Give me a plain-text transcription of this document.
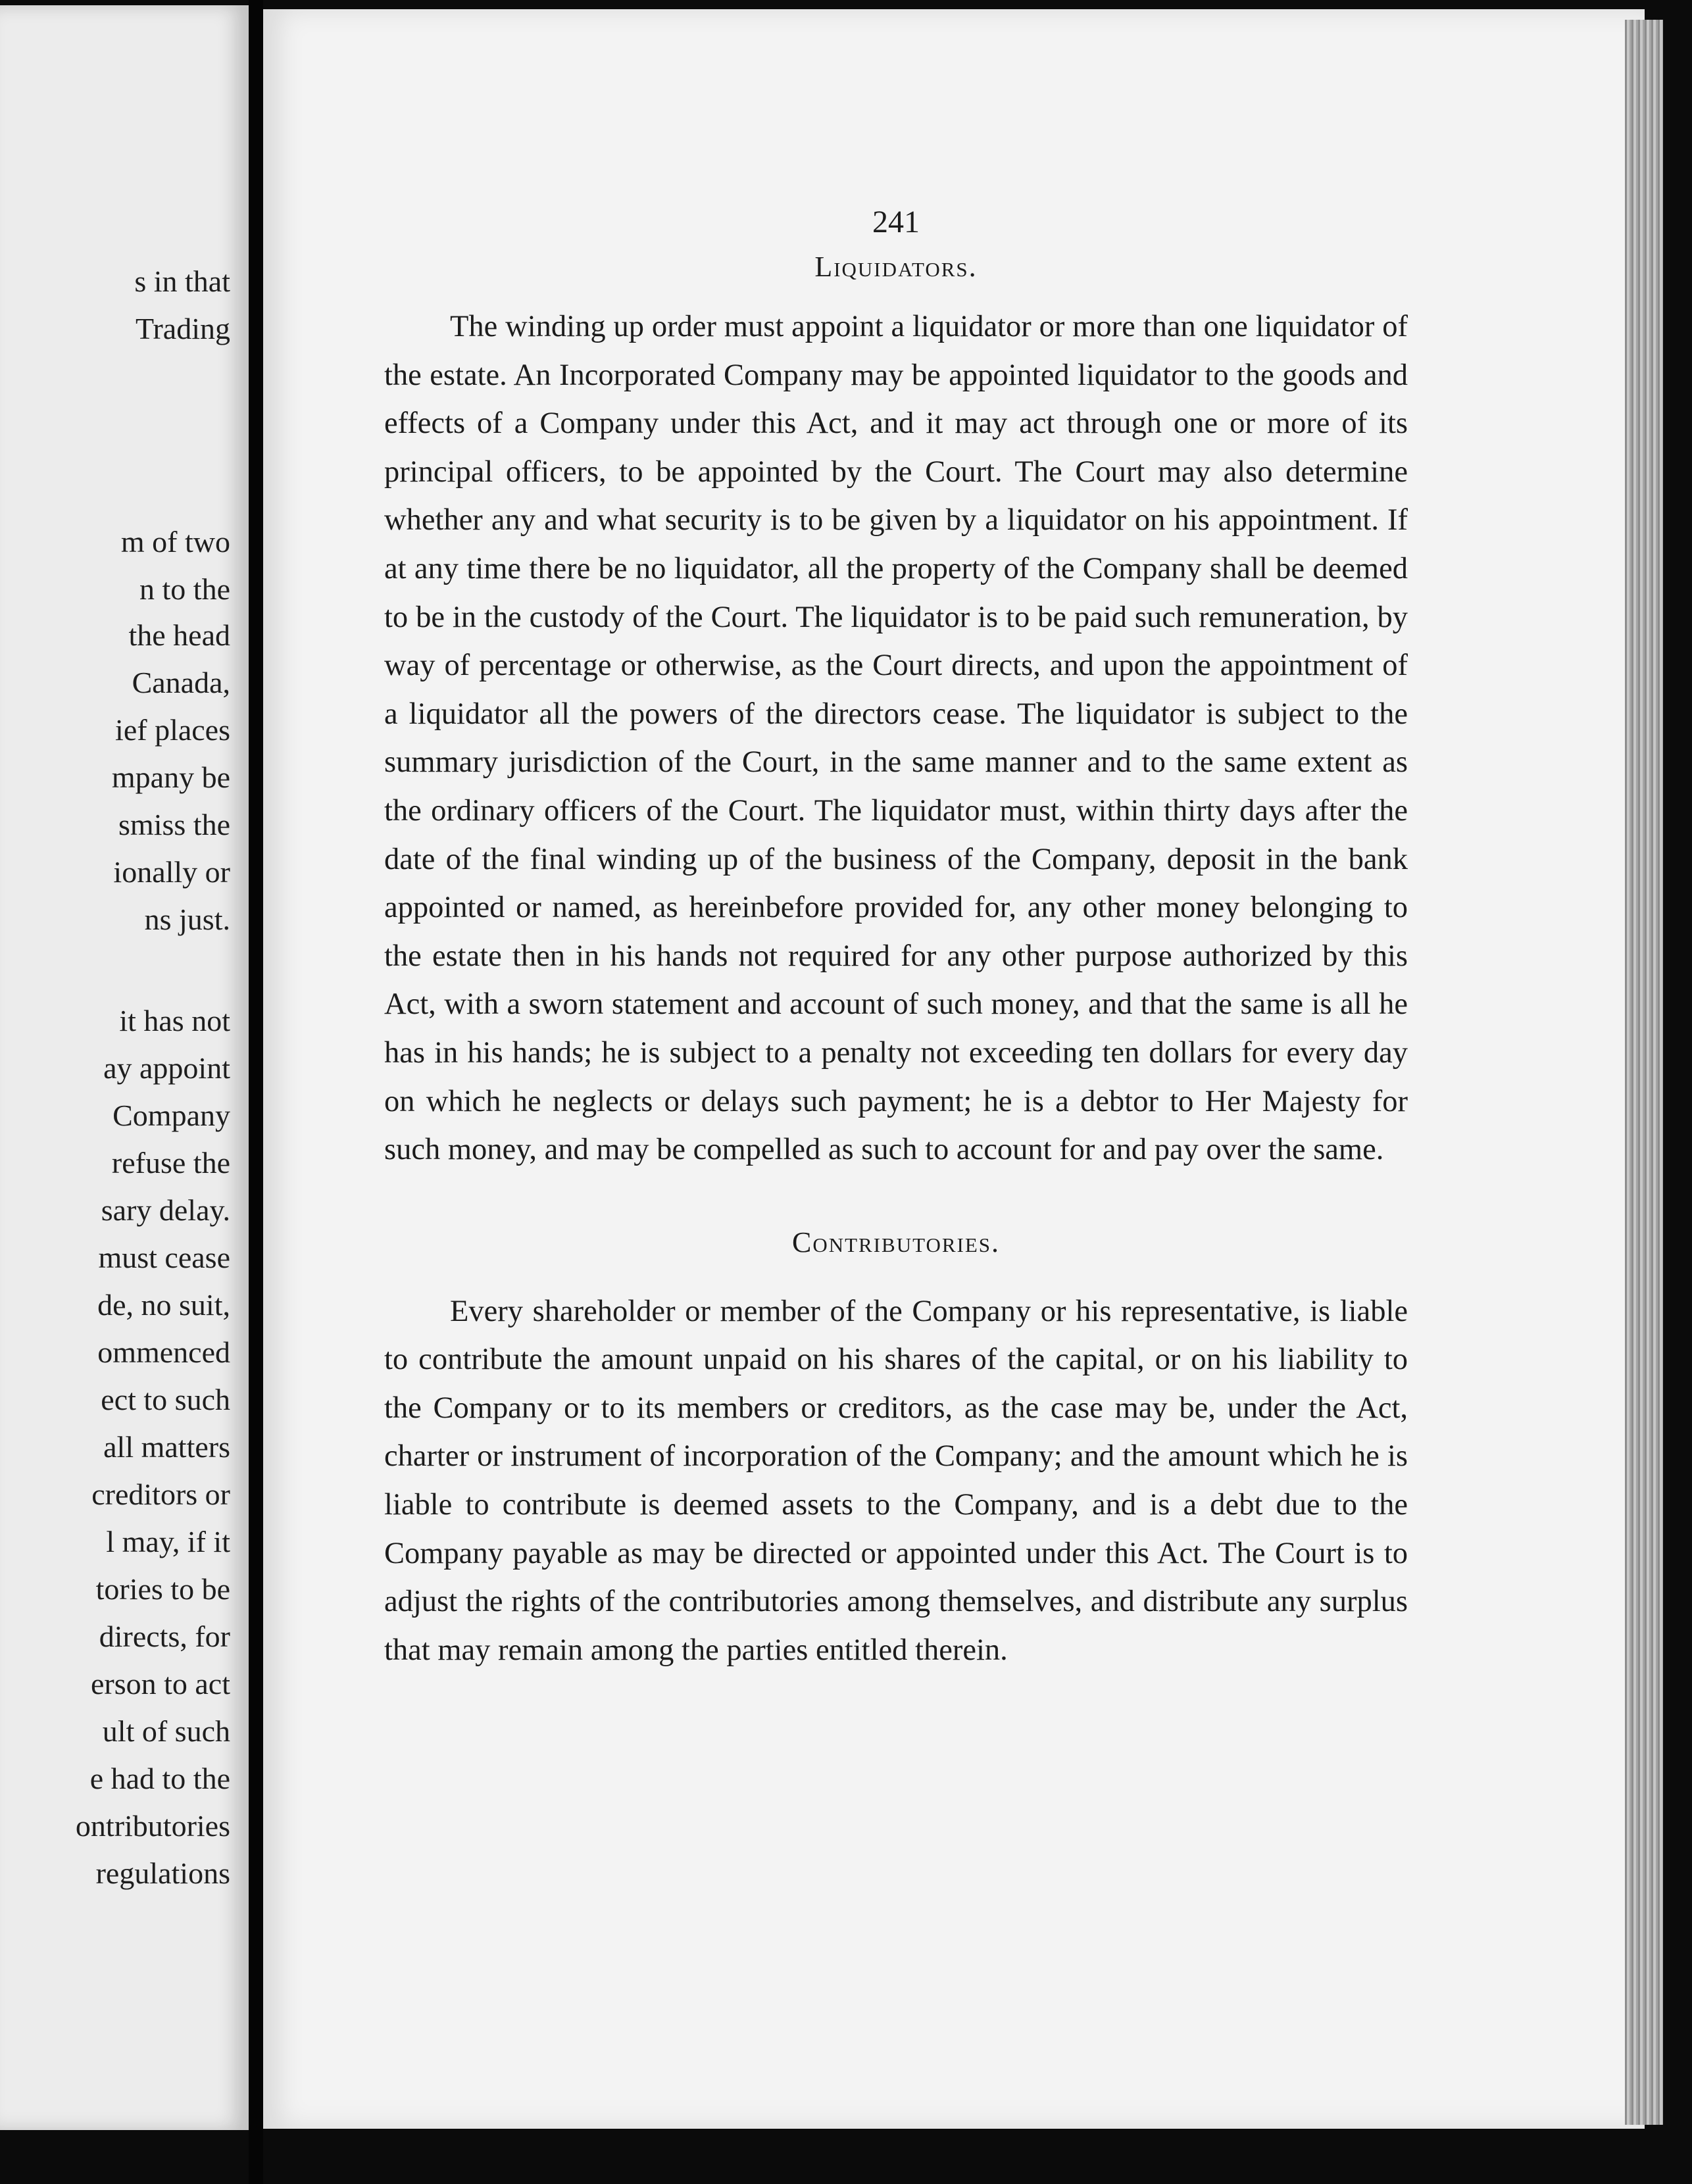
s in that
Trading
m of two
n to the
the head
Canada,
ief places
mpany be
smiss the
ionally or
ns just.
it has not
ay appoint
Company
refuse the
sary delay.
must cease
de, no suit,
ommenced
ect to such
all matters
creditors or
l may, if it
tories to be
directs, for
erson to act
ult of such
e had to the
ontributories
regulations
241
Liquidators.

The winding up order must appoint a liquidator or more than one liquidator of the estate. An Incorporated Company may be appointed liquidator to the goods and effects of a Company under this Act, and it may act through one or more of its principal officers, to be appointed by the Court. The Court may also determine whether any and what security is to be given by a liquidator on his appointment. If at any time there be no liquidator, all the property of the Company shall be deemed to be in the custody of the Court. The liquidator is to be paid such remuneration, by way of percentage or otherwise, as the Court directs, and upon the appointment of a liquidator all the powers of the directors cease. The liquidator is subject to the summary jurisdiction of the Court, in the same manner and to the same extent as the ordinary officers of the Court. The liquidator must, within thirty days after the date of the final winding up of the business of the Company, deposit in the bank appointed or named, as hereinbefore provided for, any other money belonging to the estate then in his hands not required for any other purpose authorized by this Act, with a sworn statement and account of such money, and that the same is all he has in his hands; he is subject to a penalty not exceeding ten dollars for every day on which he neglects or delays such payment; he is a debtor to Her Majesty for such money, and may be compelled as such to account for and pay over the same.

Contributories.

Every shareholder or member of the Company or his representative, is liable to contribute the amount unpaid on his shares of the capital, or on his liability to the Company or to its members or creditors, as the case may be, under the Act, charter or instrument of incorporation of the Company; and the amount which he is liable to contribute is deemed assets to the Company, and is a debt due to the Company payable as may be directed or appointed under this Act. The Court is to adjust the rights of the contributories among themselves, and distribute any surplus that may remain among the parties entitled therein.
